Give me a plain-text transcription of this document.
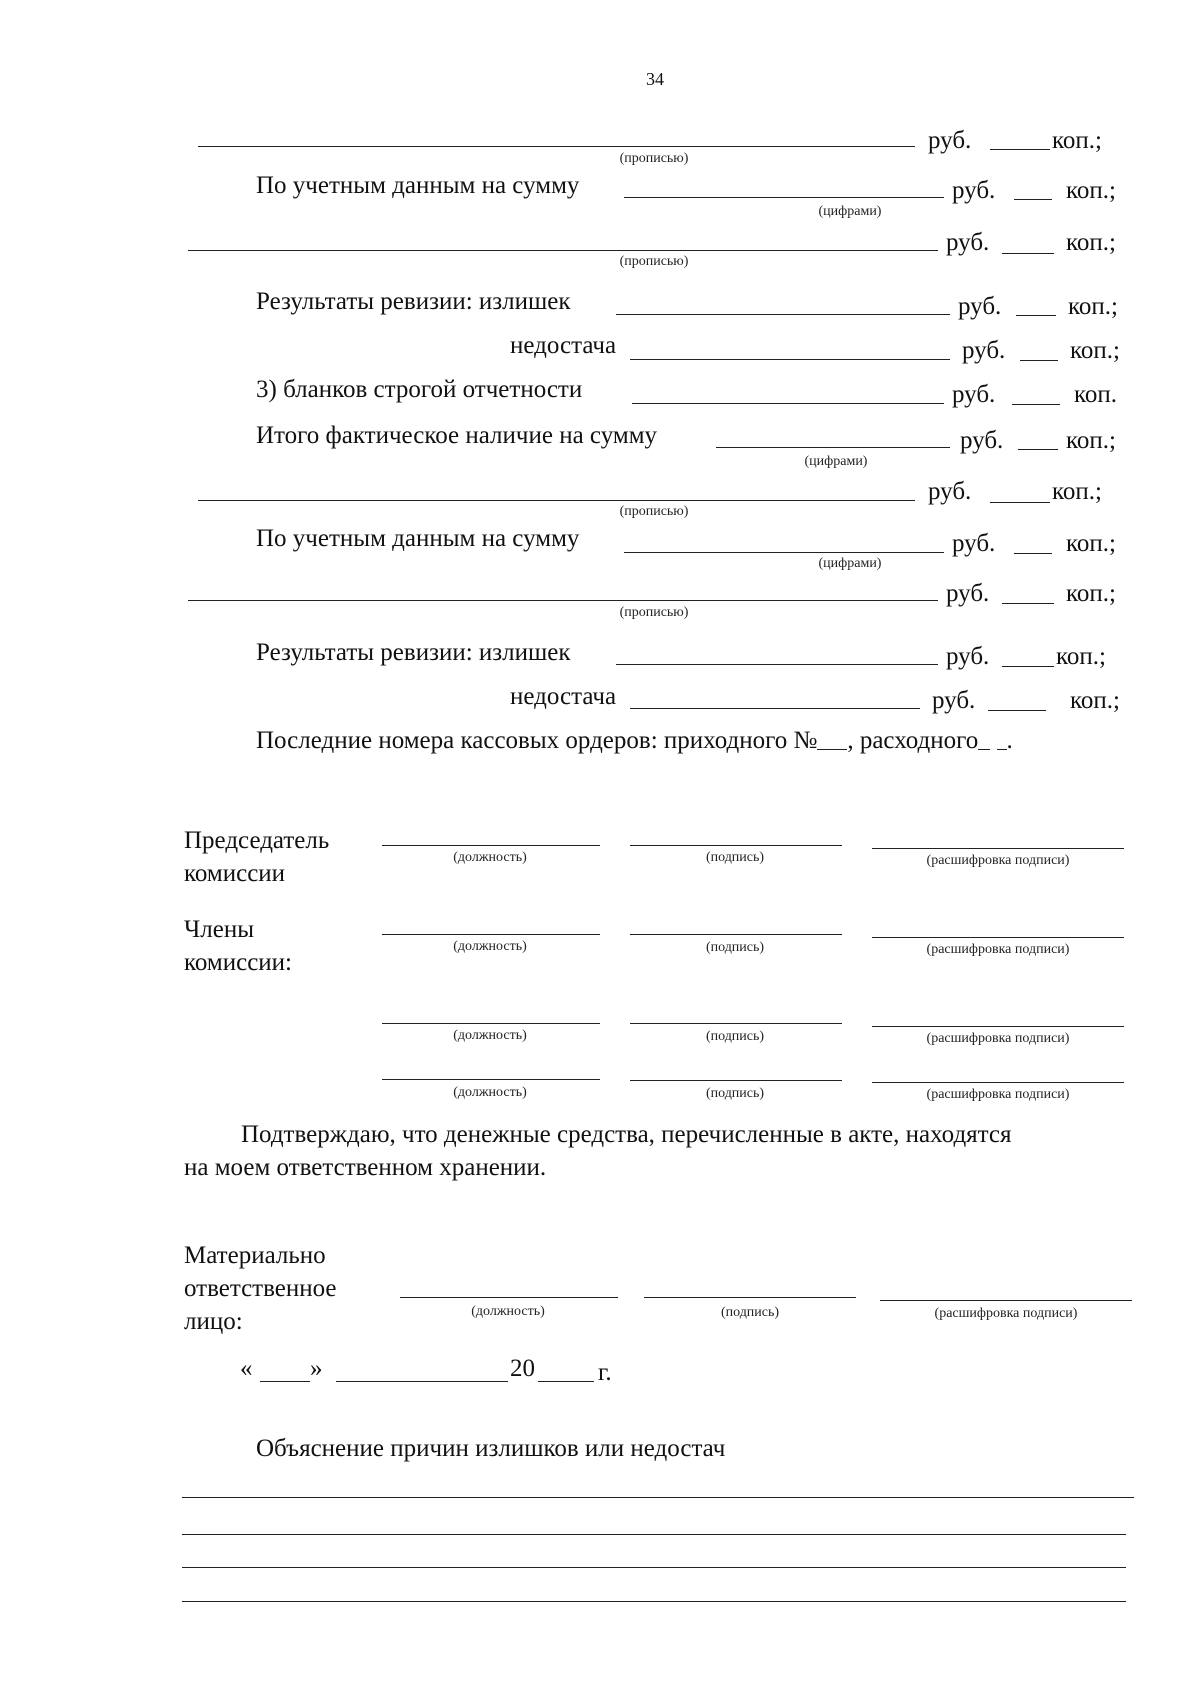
34
руб.	коп.;
(прописью)
По учетным данным на сумму	руб.	коп.;
(цифрами)
руб.	коп.;
(прописью)
Результаты ревизии: излишек	руб.	коп.;
недостача	руб.	коп.;
3) бланков строгой отчетности	руб.	коп.
Итого фактическое наличие на сумму	руб.	коп.;
(цифрами)
руб.	коп.;
(прописью)
По учетным данным на сумму	руб.	коп.;
(цифрами)
руб.	коп.;
(прописью)
Результаты ревизии: излишек	руб.	коп.;
недостача	руб.	коп.;
Последние номера кассовых ордеров: приходного № , расходного .
Председатель
комиссии
(должность)	(подпись)	(расшифровка подписи)
Члены
комиссии:
(должность)	(подпись)	(расшифровка подписи)
(должность)	(подпись)	(расшифровка подписи)
(должность)	(подпись)	(расшифровка подписи)
Подтверждаю, что денежные средства, перечисленные в акте, находятся
на моем ответственном хранении.
Материально
ответственное
лицо:	(должность)	(подпись)	(расшифровка подписи)
« »	20	г.
Объяснение причин излишков или недостач
